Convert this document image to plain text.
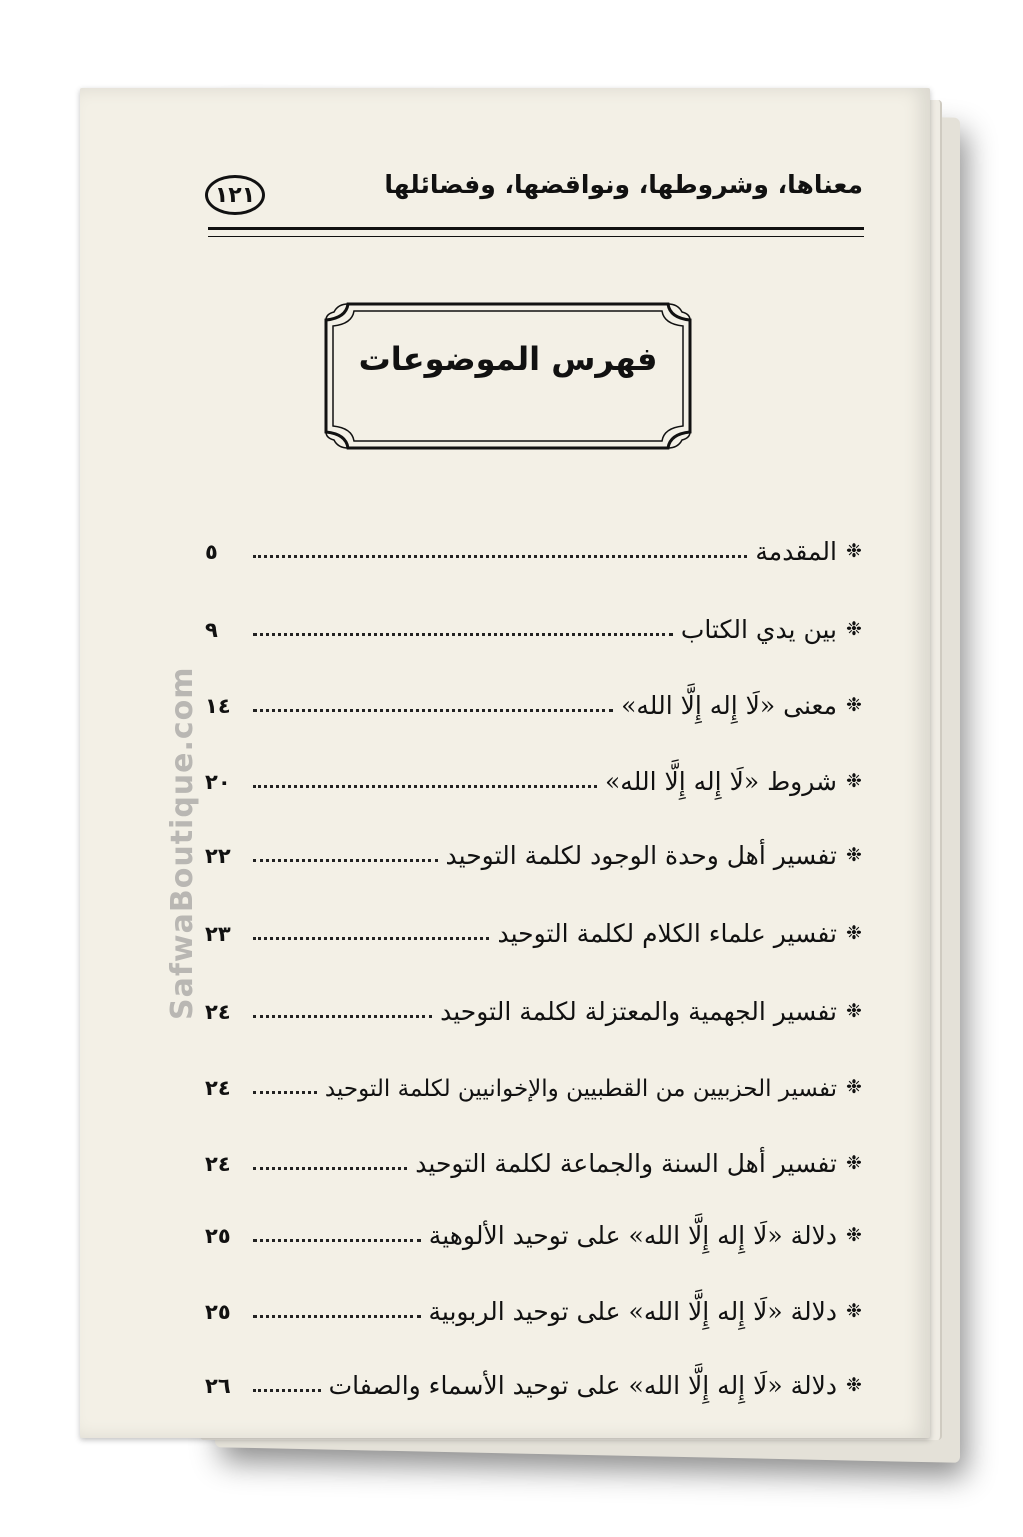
معناها، وشروطها، ونواقضها، وفضائلها
١٢١
فهرس الموضوعات
❉
المقدمة
٥
❉
بين يدي الكتاب
٩
❉
معنى «لَا إِله إِلَّا الله»
١٤
❉
شروط «لَا إِله إِلَّا الله»
٢٠
❉
تفسير أهل وحدة الوجود لكلمة التوحيد
٢٢
❉
تفسير علماء الكلام لكلمة التوحيد
٢٣
❉
تفسير الجهمية والمعتزلة لكلمة التوحيد
٢٤
❉
تفسير الحزبيين من القطبيين والإخوانيين لكلمة التوحيد
٢٤
❉
تفسير أهل السنة والجماعة لكلمة التوحيد
٢٤
❉
دلالة «لَا إِله إِلَّا الله» على توحيد الألوهية
٢٥
❉
دلالة «لَا إِله إِلَّا الله» على توحيد الربوبية
٢٥
❉
دلالة «لَا إِله إِلَّا الله» على توحيد الأسماء والصفات
٢٦
SafwaBoutique.com
